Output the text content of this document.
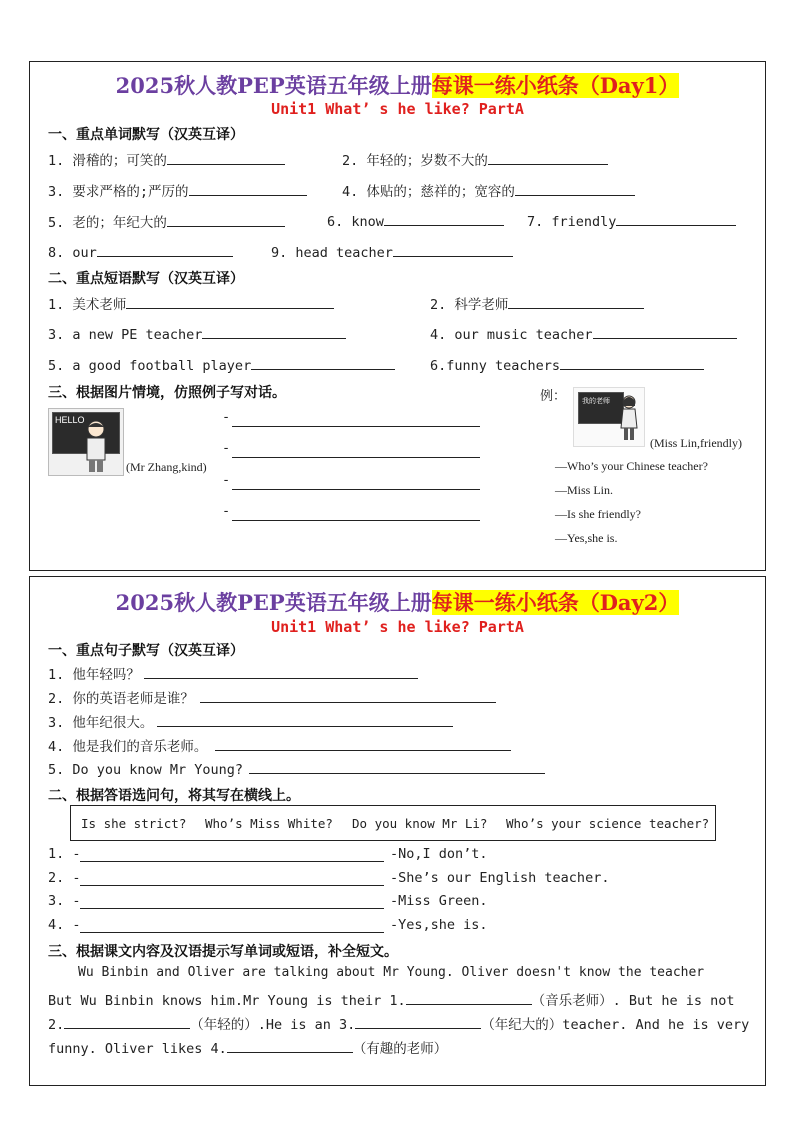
2025秋人教PEP英语五年级上册每课一练小纸条（Day1）
Unit1 What’ s he like? PartA
一、重点单词默写（汉英互译）
1. 滑稽的；可笑的	2. 年轻的；岁数不大的
3. 要求严格的;严厉的	4. 体贴的；慈祥的；宽容的
5. 老的；年纪大的	6. know	7. friendly
8. our	9. head teacher
二、重点短语默写（汉英互译）
1. 美术老师	2. 科学老师
3. a new PE teacher	4. our music teacher
5. a good football player	6.funny teachers
三、根据图片情境，仿照例子写对话。
HELLO
(Mr Zhang,kind)
-
-
-
-
例： 我的老师
(Miss Lin,friendly)
—Who’s your Chinese teacher?
—Miss Lin.
—Is she friendly?
—Yes,she is.
2025秋人教PEP英语五年级上册每课一练小纸条（Day2）
Unit1 What’ s he like? PartA
一、重点句子默写（汉英互译）
1. 他年轻吗？
2. 你的英语老师是谁？
3. 他年纪很大。
4. 他是我们的音乐老师。
5. Do you know Mr Young?
二、根据答语选问句，将其写在横线上。
Is she strict? Who’s Miss White? Do you know Mr Li? Who’s your science teacher?
1. -	-No,I don’t.
2. -	-She’s our English teacher.
3. -	-Miss Green.
4. -	-Yes,she is.
三、根据课文内容及汉语提示写单词或短语，补全短文。
Wu Binbin and Oliver are talking about Mr Young. Oliver doesn't know the teacher
But Wu Binbin knows him.Mr Young is their 1.	（音乐老师）. But he is not
2.	（年轻的）.He is an 3.	（年纪大的）teacher. And he is very
funny. Oliver likes 4.	（有趣的老师）
